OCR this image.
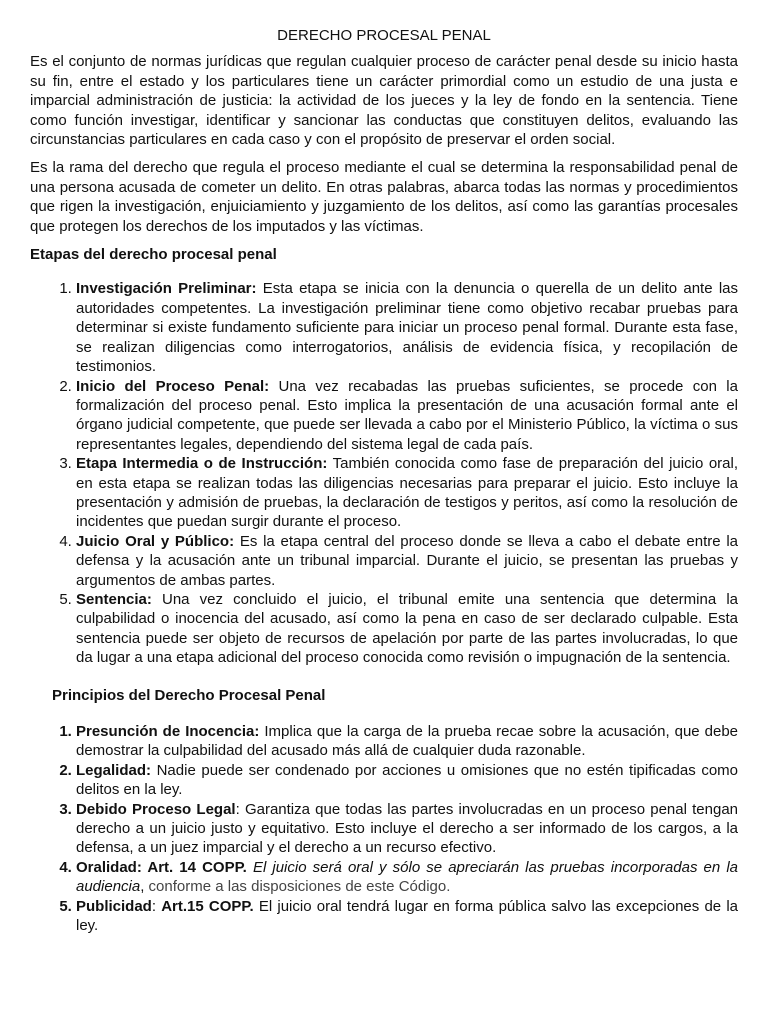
DERECHO PROCESAL PENAL

Es el conjunto de normas jurídicas que regulan cualquier proceso de carácter penal desde su inicio hasta su fin, entre el estado y los particulares tiene un carácter primordial como un estudio de una justa e imparcial administración de justicia: la actividad de los jueces y la ley de fondo en la sentencia. Tiene como función investigar, identificar y sancionar las conductas que constituyen delitos, evaluando las circunstancias particulares en cada caso y con el propósito de preservar el orden social.

Es la rama del derecho que regula el proceso mediante el cual se determina la responsabilidad penal de una persona acusada de cometer un delito. En otras palabras, abarca todas las normas y procedimientos que rigen la investigación, enjuiciamiento y juzgamiento de los delitos, así como las garantías procesales que protegen los derechos de los imputados y las víctimas.

Etapas del derecho procesal penal
1. Investigación Preliminar: Esta etapa se inicia con la denuncia o querella de un delito ante las autoridades competentes. La investigación preliminar tiene como objetivo recabar pruebas para determinar si existe fundamento suficiente para iniciar un proceso penal formal. Durante esta fase, se realizan diligencias como interrogatorios, análisis de evidencia física, y recopilación de testimonios.
2. Inicio del Proceso Penal: Una vez recabadas las pruebas suficientes, se procede con la formalización del proceso penal. Esto implica la presentación de una acusación formal ante el órgano judicial competente, que puede ser llevada a cabo por el Ministerio Público, la víctima o sus representantes legales, dependiendo del sistema legal de cada país.
3. Etapa Intermedia o de Instrucción: También conocida como fase de preparación del juicio oral, en esta etapa se realizan todas las diligencias necesarias para preparar el juicio. Esto incluye la presentación y admisión de pruebas, la declaración de testigos y peritos, así como la resolución de incidentes que puedan surgir durante el proceso.
4. Juicio Oral y Público: Es la etapa central del proceso donde se lleva a cabo el debate entre la defensa y la acusación ante un tribunal imparcial. Durante el juicio, se presentan las pruebas y argumentos de ambas partes.
5. Sentencia: Una vez concluido el juicio, el tribunal emite una sentencia que determina la culpabilidad o inocencia del acusado, así como la pena en caso de ser declarado culpable. Esta sentencia puede ser objeto de recursos de apelación por parte de las partes involucradas, lo que da lugar a una etapa adicional del proceso conocida como revisión o impugnación de la sentencia.
Principios del Derecho Procesal Penal
1. Presunción de Inocencia: Implica que la carga de la prueba recae sobre la acusación, que debe demostrar la culpabilidad del acusado más allá de cualquier duda razonable.
2. Legalidad: Nadie puede ser condenado por acciones u omisiones que no estén tipificadas como delitos en la ley.
3. Debido Proceso Legal: Garantiza que todas las partes involucradas en un proceso penal tengan derecho a un juicio justo y equitativo. Esto incluye el derecho a ser informado de los cargos, a la defensa, a un juez imparcial y el derecho a un recurso efectivo.
4. Oralidad: Art. 14 COPP. El juicio será oral y sólo se apreciarán las pruebas incorporadas en la audiencia, conforme a las disposiciones de este Código.
5. Publicidad: Art.15 COPP. El juicio oral tendrá lugar en forma pública salvo las excepciones de la ley.
